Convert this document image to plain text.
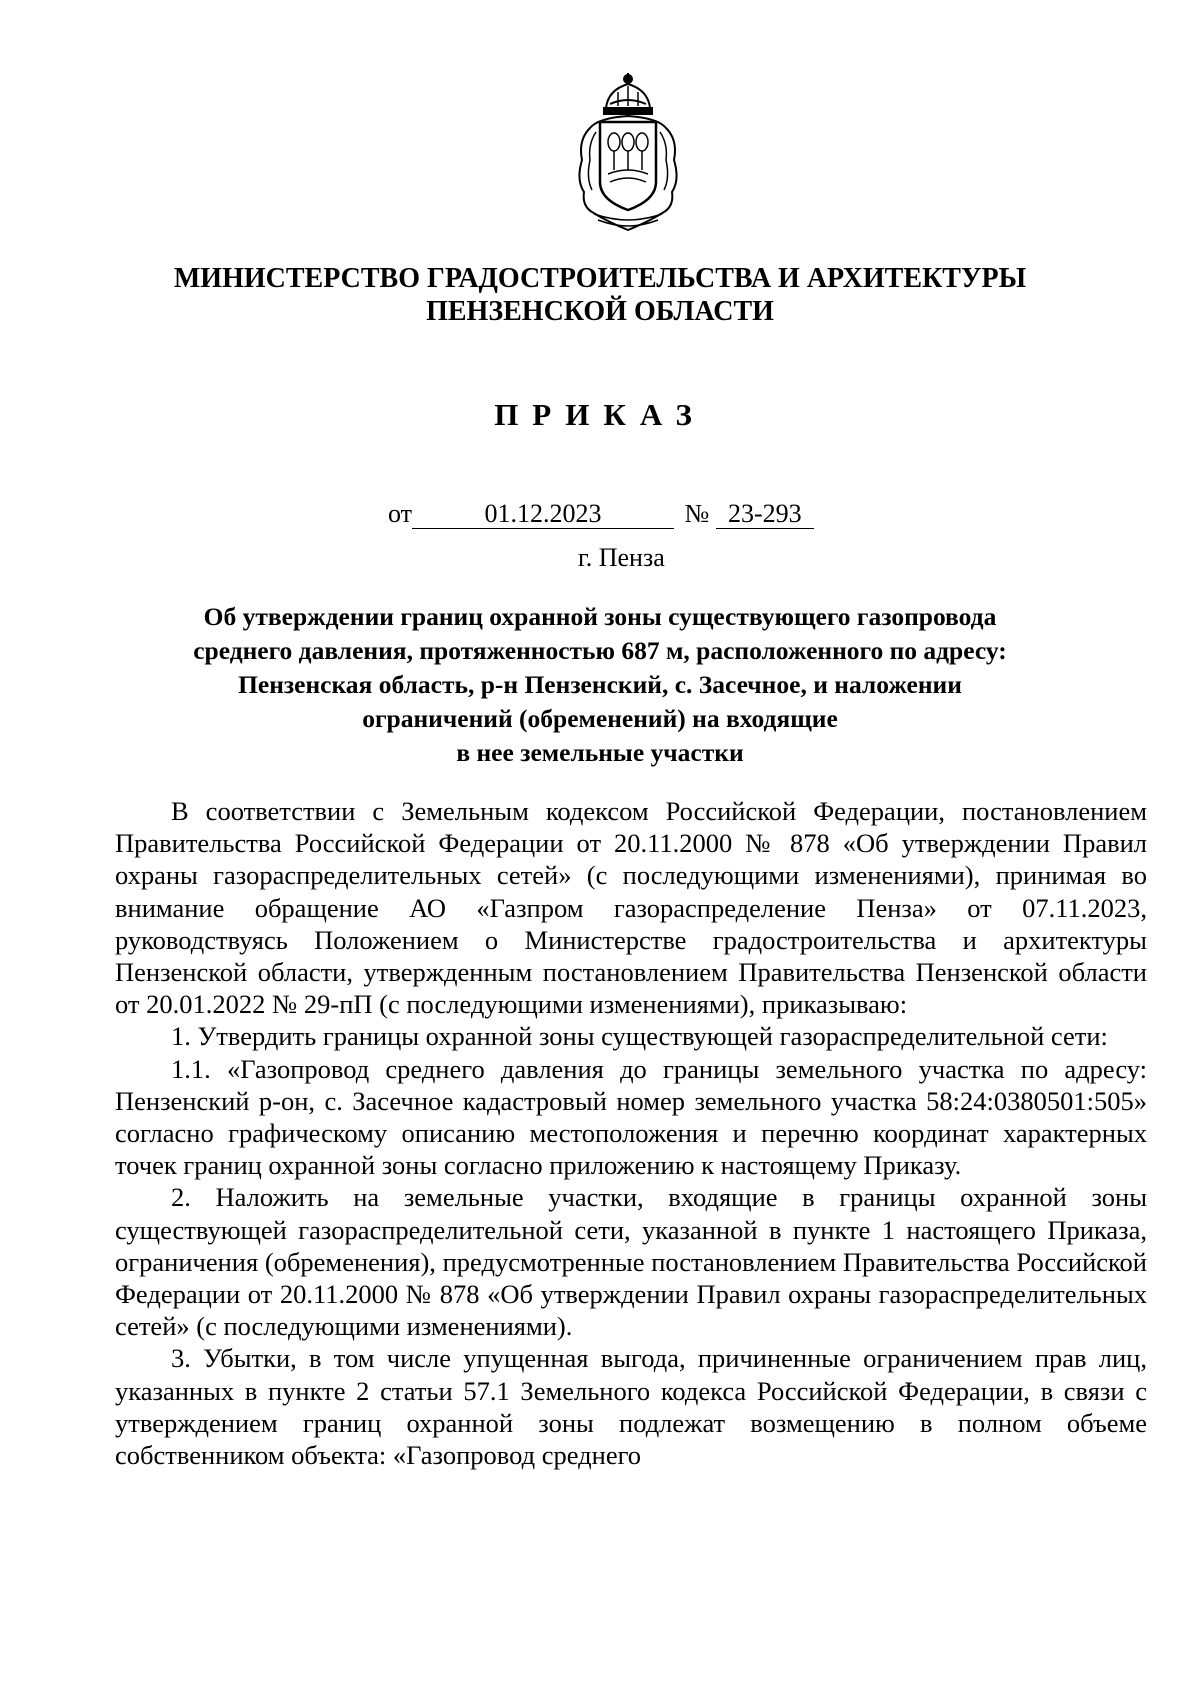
МИНИСТЕРСТВО ГРАДОСТРОИТЕЛЬСТВА И АРХИТЕКТУРЫ
ПЕНЗЕНСКОЙ ОБЛАСТИ
ПРИКАЗ
от	01.12.2023	№ 23-293
г. Пенза
Об утверждении границ охранной зоны существующего газопровода
среднего давления, протяженностью 687 м, расположенного по адресу:
Пензенская область, р-н Пензенский, с. Засечное, и наложении
ограничений (обременений) на входящие
в нее земельные участки

В соответствии с Земельным кодексом Российской Федерации, постановлением Правительства Российской Федерации от 20.11.2000 № 878 «Об утверждении Правил охраны газораспределительных сетей» (с последующими изменениями), принимая во внимание обращение АО «Газпром газораспределение Пенза» от 07.11.2023, руководствуясь Положением о Министерстве градостроительства и архитектуры Пензенской области, утвержденным постановлением Правительства Пензенской области от 20.01.2022 № 29-пП (с последующими изменениями), приказываю:

1. Утвердить границы охранной зоны существующей газораспределительной сети:

1.1. «Газопровод среднего давления до границы земельного участка по адресу: Пензенский р-он, с. Засечное кадастровый номер земельного участка 58:24:0380501:505» согласно графическому описанию местоположения и перечню координат характерных точек границ охранной зоны согласно приложению к настоящему Приказу.

2. Наложить на земельные участки, входящие в границы охранной зоны существующей газораспределительной сети, указанной в пункте 1 настоящего Приказа, ограничения (обременения), предусмотренные постановлением Правительства Российской Федерации от 20.11.2000 № 878 «Об утверждении Правил охраны газораспределительных сетей» (с последующими изменениями).

3. Убытки, в том числе упущенная выгода, причиненные ограничением прав лиц, указанных в пункте 2 статьи 57.1 Земельного кодекса Российской Федерации, в связи с утверждением границ охранной зоны подлежат возмещению в полном объеме собственником объекта: «Газопровод среднего
